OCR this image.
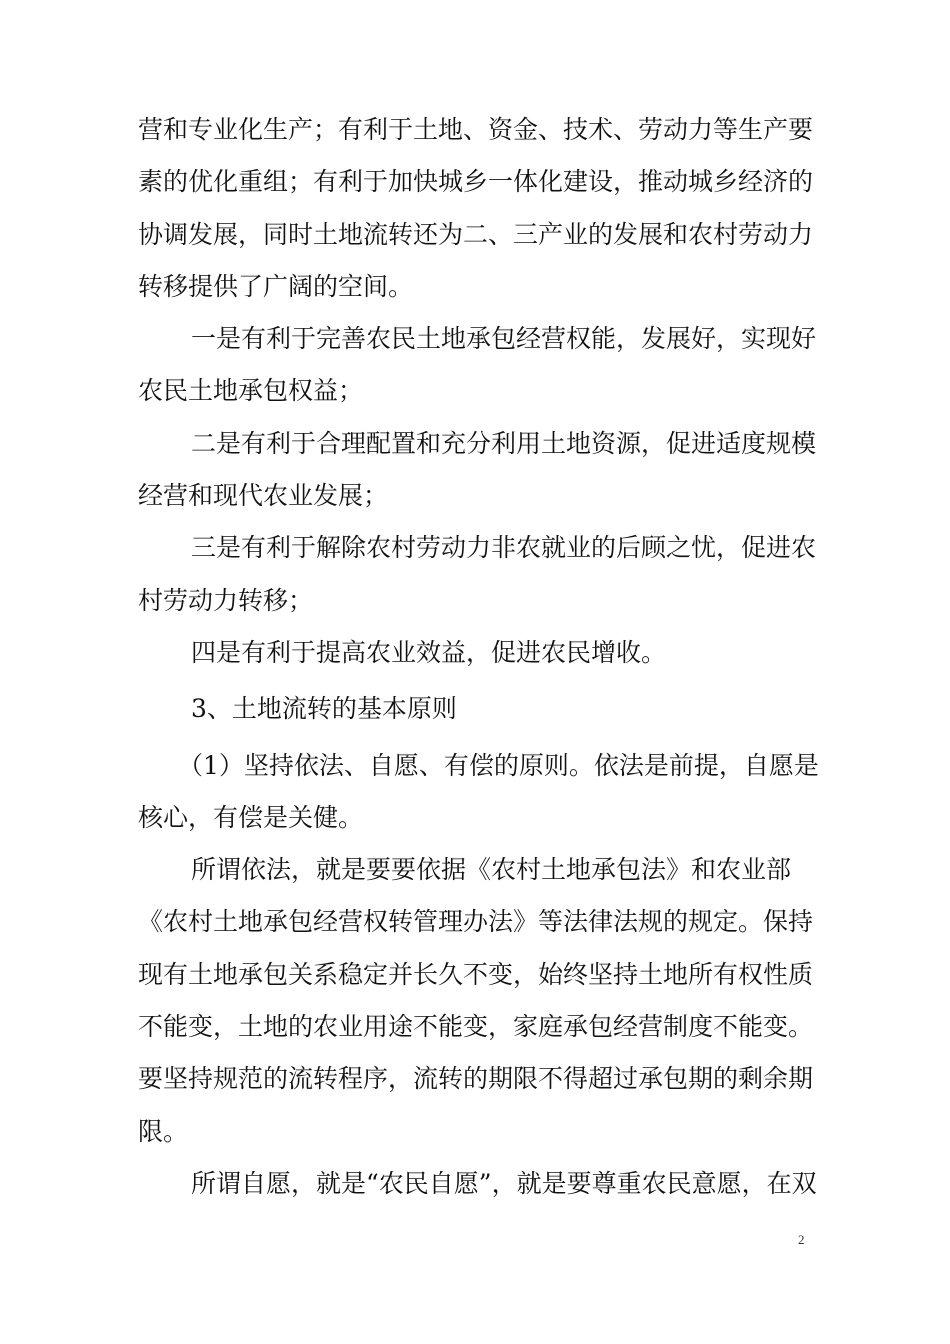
营和专业化生产；有利于土地、资金、技术、劳动力等生产要
素的优化重组；有利于加快城乡一体化建设，推动城乡经济的
协调发展，同时土地流转还为二、三产业的发展和农村劳动力
转移提供了广阔的空间。
一是有利于完善农民土地承包经营权能，发展好，实现好
农民土地承包权益；
二是有利于合理配置和充分利用土地资源，促进适度规模
经营和现代农业发展；
三是有利于解除农村劳动力非农就业的后顾之忧，促进农
村劳动力转移；
四是有利于提高农业效益，促进农民增收。
3、土地流转的基本原则
（1）坚持依法、自愿、有偿的原则。依法是前提，自愿是
核心，有偿是关健。
所谓依法，就是要要依据《农村土地承包法》和农业部
《农村土地承包经营权转管理办法》等法律法规的规定。保持
现有土地承包关系稳定并长久不变，始终坚持土地所有权性质
不能变，土地的农业用途不能变，家庭承包经营制度不能变。
要坚持规范的流转程序，流转的期限不得超过承包期的剩余期
限。
所谓自愿，就是“农民自愿”，就是要尊重农民意愿，在双
2
